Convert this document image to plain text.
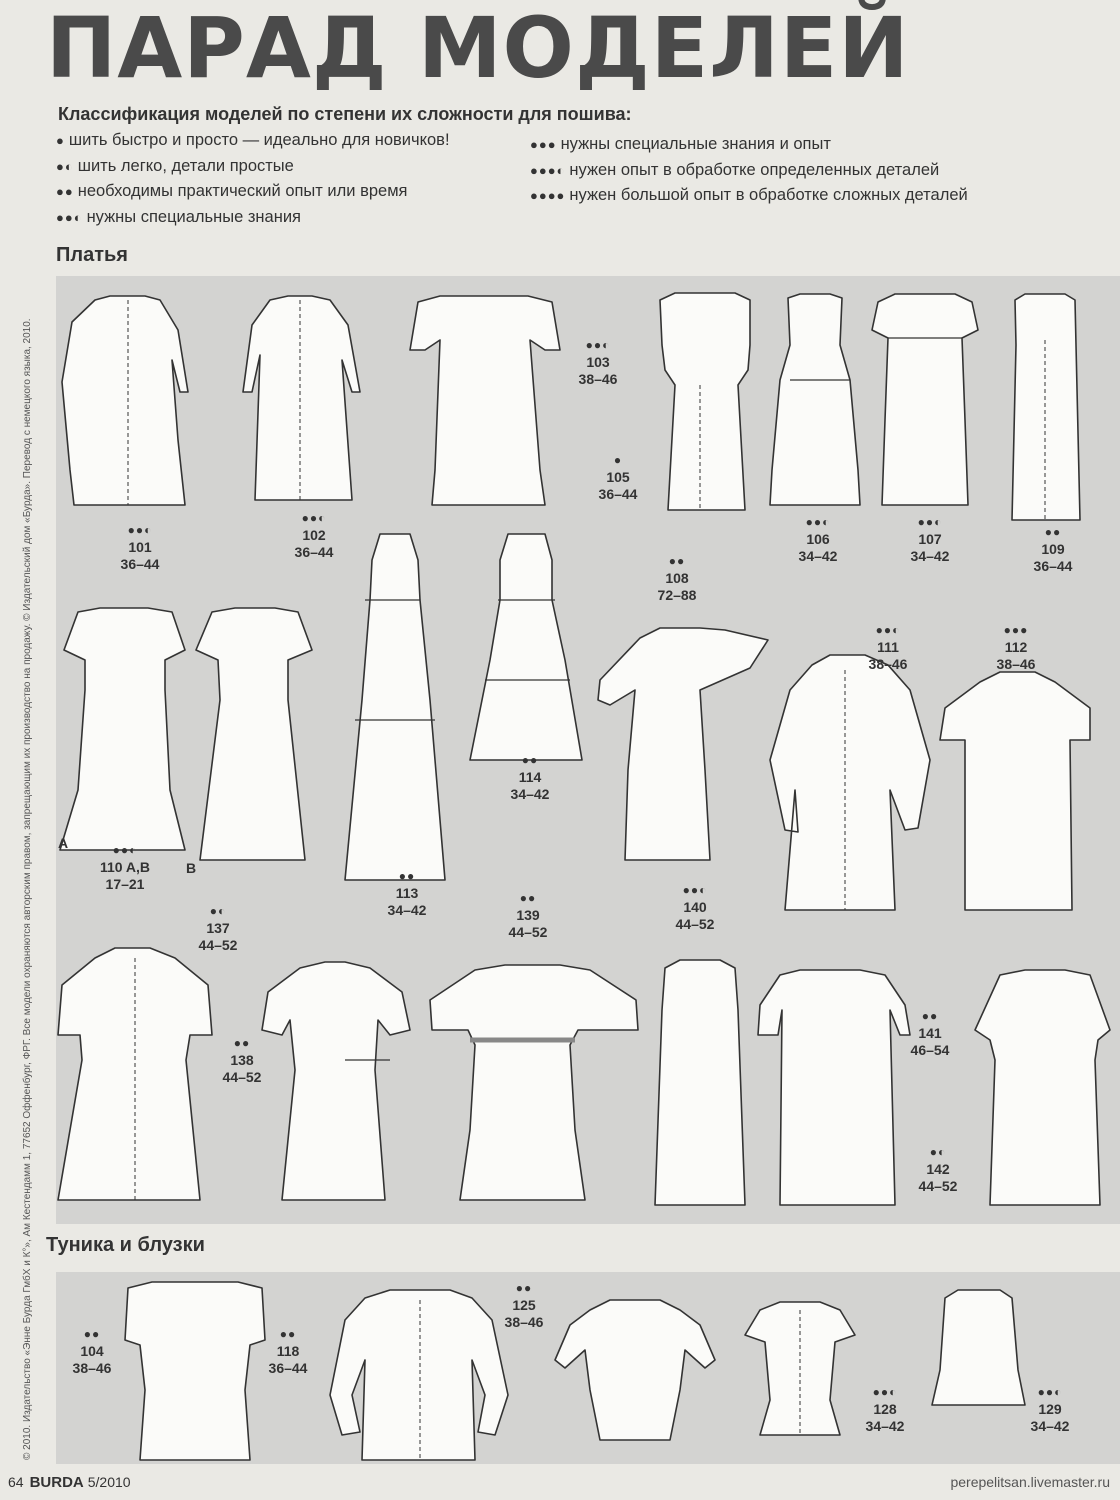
ПАРАД МОДЕЛЕЙ
Классификация моделей по степени их сложности для пошива:
● шить быстро и просто — идеально для новичков!
●◐ шить легко, детали простые
●● необходимы практический опыт или время
●●◐ нужны специальные знания
●●● нужны специальные знания и опыт
●●●◐ нужен опыт в обработке определенных деталей
●●●● нужен большой опыт в обработке сложных деталей
© 2010. Издательство «Энне Бурда ГмбХ и К°», Ам Кестендамм 1, 77652 Оффенбург, ФРГ. Все модели охраняются авторским правом, запрещающим их производство на продажу. © Издательский дом «Бурда». Перевод с немецкого языка, 2010.
Платья
Туника и блузки
●●◐
101
36–44
●●◐
102
36–44
●●◐
103
38–46
●
105
36–44
●●◐
106
34–42
●●◐
107
34–42
●●
109
36–44
●●
108
72–88
●●◐
111
38–46
●●●
112
38–46
●●
114
34–42
●●◐
110 A,B
17–21	●●
113
34–42
●◐
137
44–52
●●
139
44–52
●●◐
140
44–52
●●
138
44–52
●●
141
46–54
●◐
142
44–52
●●
104
38–46
●●
118
36–44
●●
125
38–46
●●◐
128
34–42
●●◐
129
34–42
A
B
64 BURDA 5/2010	perepelitsan.livemaster.ru
